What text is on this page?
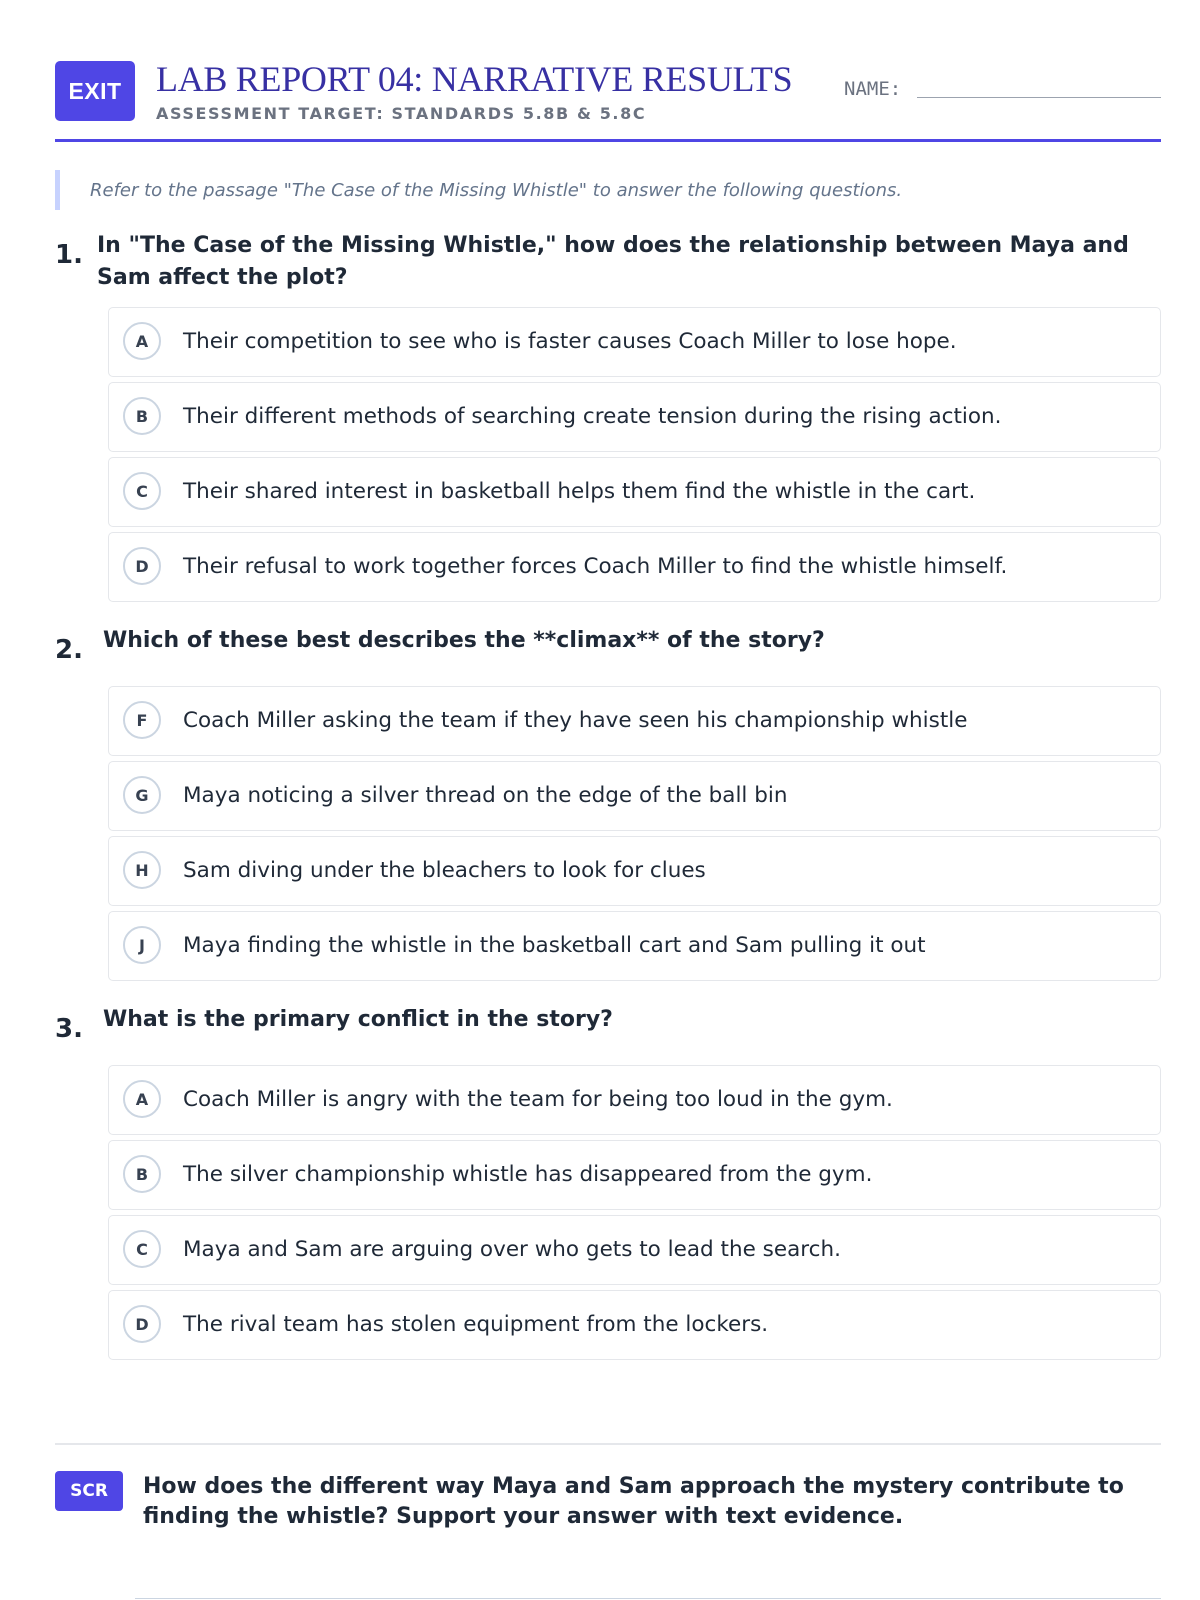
EXIT LAB REPORT 04: NARRATIVE RESULTS
ASSESSMENT TARGET: STANDARDS 5.8B & 5.8C
NAME:
Refer to the passage "The Case of the Missing Whistle" to answer the following questions.
1. In "The Case of the Missing Whistle," how does the relationship between Maya and Sam affect the plot?
A	Their competition to see who is faster causes Coach Miller to lose hope.
B	Their different methods of searching create tension during the rising action.
C	Their shared interest in basketball helps them find the whistle in the cart.
D	Their refusal to work together forces Coach Miller to find the whistle himself.
2. Which of these best describes the **climax** of the story?
F	Coach Miller asking the team if they have seen his championship whistle
G	Maya noticing a silver thread on the edge of the ball bin
H	Sam diving under the bleachers to look for clues
J	Maya finding the whistle in the basketball cart and Sam pulling it out
3. What is the primary conflict in the story?
A	Coach Miller is angry with the team for being too loud in the gym.
B	The silver championship whistle has disappeared from the gym.
C	Maya and Sam are arguing over who gets to lead the search.
D	The rival team has stolen equipment from the lockers.
SCR	How does the different way Maya and Sam approach the mystery contribute to finding the whistle? Support your answer with text evidence.
